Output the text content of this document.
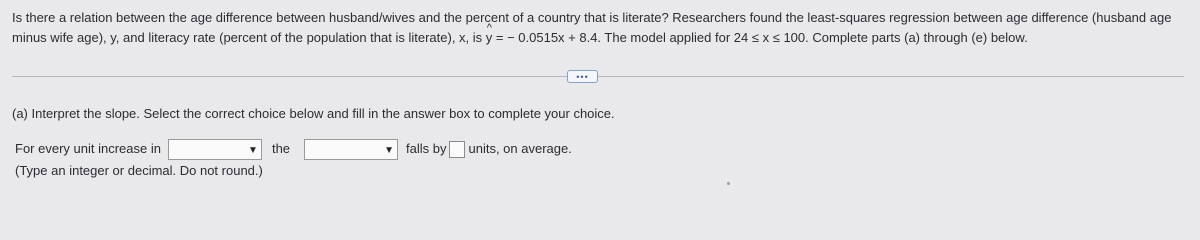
Is there a relation between the age difference between husband/wives and the percent of a country that is literate? Researchers found the least-squares regression between age difference (husband age minus wife age), y, and literacy rate (percent of the population that is literate), x, is ^ y = − 0.0515x + 8.4. The model applied for 24 ≤ x ≤ 100. Complete parts (a) through (e) below.
•••
(a) Interpret the slope. Select the correct choice below and fill in the answer box to complete your choice.
For every unit increase in	▼ the	▼ falls by units, on average.
(Type an integer or decimal. Do not round.)
